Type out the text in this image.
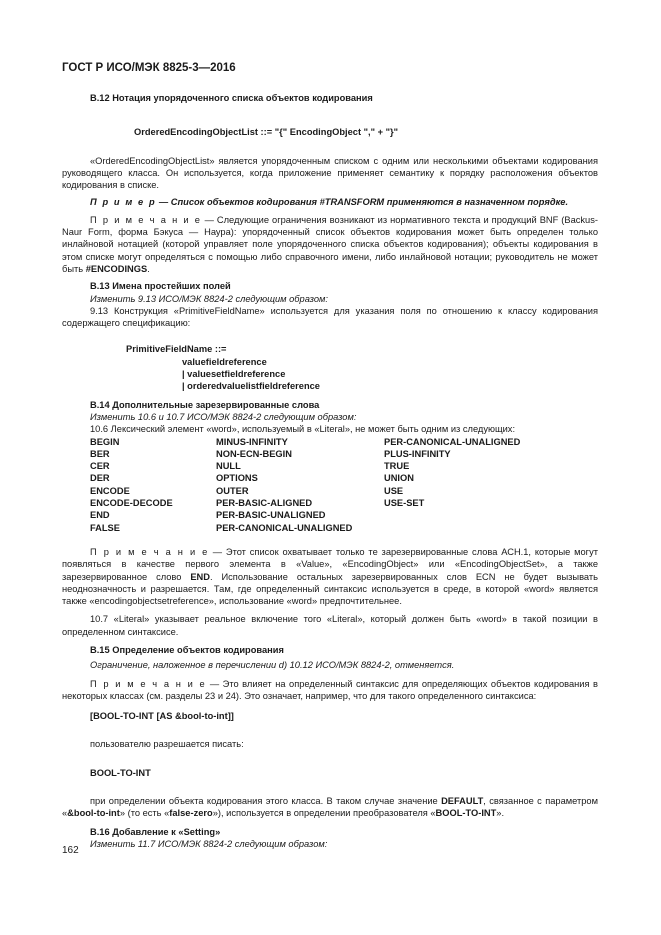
ГОСТ Р ИСО/МЭК 8825-3—2016

B.12 Нотация упорядоченного списка объектов кодирования

OrderedEncodingObjectList ::= "{" EncodingObject "," + "}"

«OrderedEncodingObjectList» является упорядоченным списком с одним или несколькими объектами кодирования руководящего класса. Он используется, когда приложение применяет семантику к порядку расположения объектов кодирования в списке.

П р и м е р — Список объектов кодирования #TRANSFORM применяются в назначенном порядке.

П р и м е ч а н и е — Следующие ограничения возникают из нормативного текста и продукций BNF (Backus-Naur Form, форма Бэкуса — Наура): упорядоченный список объектов кодирования может быть определен только инлайновой нотацией (которой управляет поле упорядоченного списка объектов кодирования); объекты кодирования в этом списке могут определяться с помощью либо справочного имени, либо инлайновой нотации; руководитель не может быть #ENCODINGS.

B.13 Имена простейших полей

Изменить 9.13 ИСО/МЭК 8824-2 следующим образом:

9.13 Конструкция «PrimitiveFieldName» используется для указания поля по отношению к классу кодирования содержащего спецификацию:

PrimitiveFieldName ::=

valuefieldreference

| valuesetfieldreference

| orderedvaluelistfieldreference

B.14 Дополнительные зарезервированные слова

Изменить 10.6 и 10.7 ИСО/МЭК 8824-2 следующим образом:

10.6 Лексический элемент «word», используемый в «Literal», не может быть одним из следующих:

BEGIN	MINUS-INFINITY	PER-CANONICAL-UNALIGNED
BER	NON-ECN-BEGIN	PLUS-INFINITY
CER	NULL	TRUE
DER	OPTIONS	UNION
ENCODE	OUTER	USE
ENCODE-DECODE	PER-BASIC-ALIGNED	USE-SET
END	PER-BASIC-UNALIGNED	
FALSE	PER-CANONICAL-UNALIGNED	

П р и м е ч а н и е — Этот список охватывает только те зарезервированные слова АСН.1, которые могут появляться в качестве первого элемента в «Value», «EncodingObject» или «EncodingObjectSet», а также зарезервированное слово END. Использование остальных зарезервированных слов ECN не будет вызывать неоднозначность и разрешается. Там, где определенный синтаксис используется в среде, в которой «word» является также «encodingobjectsetreference», использование «word» предпочтительнее.

10.7 «Literal» указывает реальное включение того «Literal», который должен быть «word» в такой позиции в определенном синтаксисе.

B.15 Определение объектов кодирования

Ограничение, наложенное в перечислении d) 10.12 ИСО/МЭК 8824-2, отменяется.

П р и м е ч а н и е — Это влияет на определенный синтаксис для определяющих объектов кодирования в некоторых классах (см. разделы 23 и 24). Это означает, например, что для такого определенного синтаксиса:

[BOOL-TO-INT [AS &bool-to-int]]

пользователю разрешается писать:

BOOL-TO-INT

при определении объекта кодирования этого класса. В таком случае значение DEFAULT, связанное с параметром «&bool-to-int» (то есть «false-zero»), используется в определении преобразователя «BOOL-TO-INT».

B.16 Добавление к «Setting»

Изменить 11.7 ИСО/МЭК 8824-2 следующим образом:

162
